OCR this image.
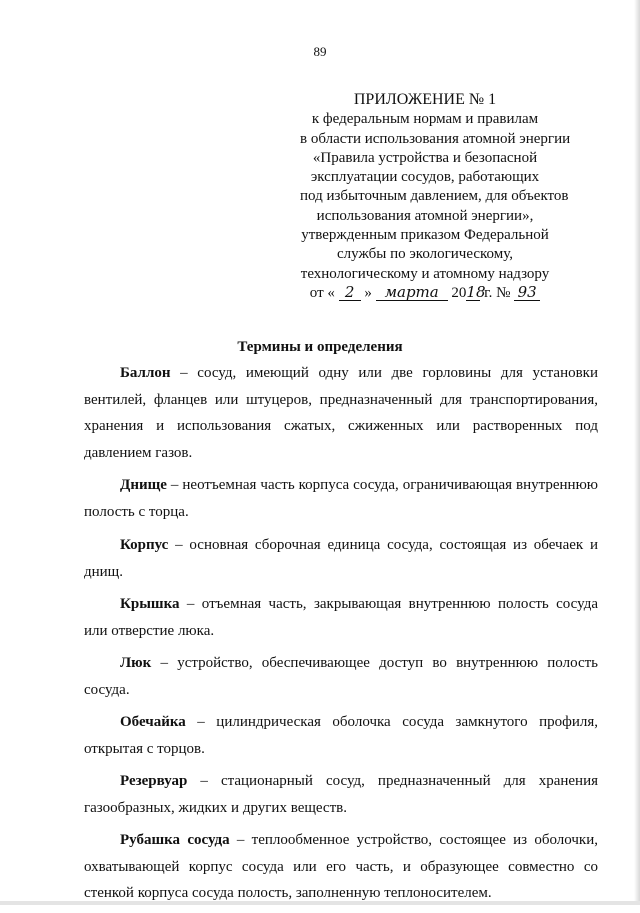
89
ПРИЛОЖЕНИЕ № 1
к федеральным нормам и правилам
в области использования атомной энергии
«Правила устройства и безопасной
эксплуатации сосудов, работающих
под избыточным давлением, для объектов
использования атомной энергии»,
утвержденным приказом Федеральной
службы по экологическому,
технологическому и атомному надзору
от « 2 » марта 2018 г. № 93
Термины и определения

Баллон – сосуд, имеющий одну или две горловины для установки вентилей, фланцев или штуцеров, предназначенный для транспортирования, хранения и использования сжатых, сжиженных или растворенных под давлением газов.

Днище – неотъемная часть корпуса сосуда, ограничивающая внутреннюю полость с торца.

Корпус – основная сборочная единица сосуда, состоящая из обечаек и днищ.

Крышка – отъемная часть, закрывающая внутреннюю полость сосуда или отверстие люка.

Люк – устройство, обеспечивающее доступ во внутреннюю полость сосуда.

Обечайка – цилиндрическая оболочка сосуда замкнутого профиля, открытая с торцов.

Резервуар – стационарный сосуд, предназначенный для хранения газообразных, жидких и других веществ.

Рубашка сосуда – теплообменное устройство, состоящее из оболочки, охватывающей корпус сосуда или его часть, и образующее совместно со стенкой корпуса сосуда полость, заполненную теплоносителем.
